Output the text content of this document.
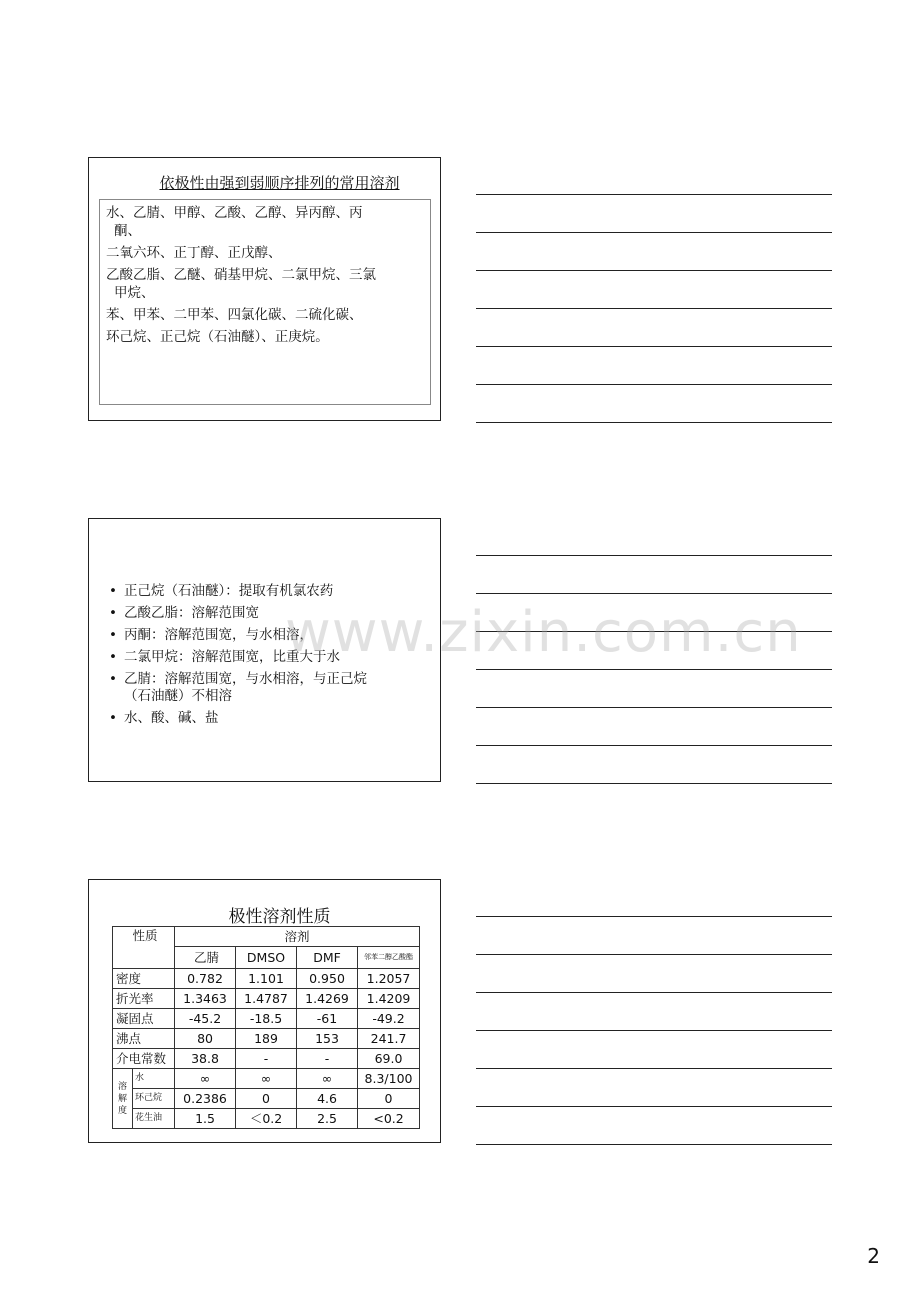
依极性由强到弱顺序排列的常用溶剂
水、乙腈、甲醇、乙酸、乙醇、异丙醇、丙
酮、
二氧六环、正丁醇、正戊醇、
乙酸乙脂、乙醚、硝基甲烷、二氯甲烷、三氯
甲烷、
苯、甲苯、二甲苯、四氯化碳、二硫化碳、
环己烷、正己烷（石油醚）、正庚烷。
• 正己烷（石油醚）：提取有机氯农药
• 乙酸乙脂：溶解范围宽
• 丙酮：溶解范围宽，与水相溶，
• 二氯甲烷：溶解范围宽，比重大于水
• 乙腈：溶解范围宽，与水相溶，与正己烷
（石油醚）不相溶
• 水、酸、碱、盐
极性溶剂性质
性质		溶剂			
		乙腈	DMSO	DMF	邻苯二醇乙酸酯
密度		0.782	1.101	0.950	1.2057
折光率		1.3463	1.4787	1.4269	1.4209
凝固点		-45.2	-18.5	-61	-49.2
沸点		80	189	153	241.7
介电常数		38.8	-	-	69.0
溶解度	水	∞	∞	∞	8.3/100
	环己烷	0.2386	0	4.6	0
	花生油	1.5	＜0.2	2.5	<0.2
www.zixin.com.cn
2
